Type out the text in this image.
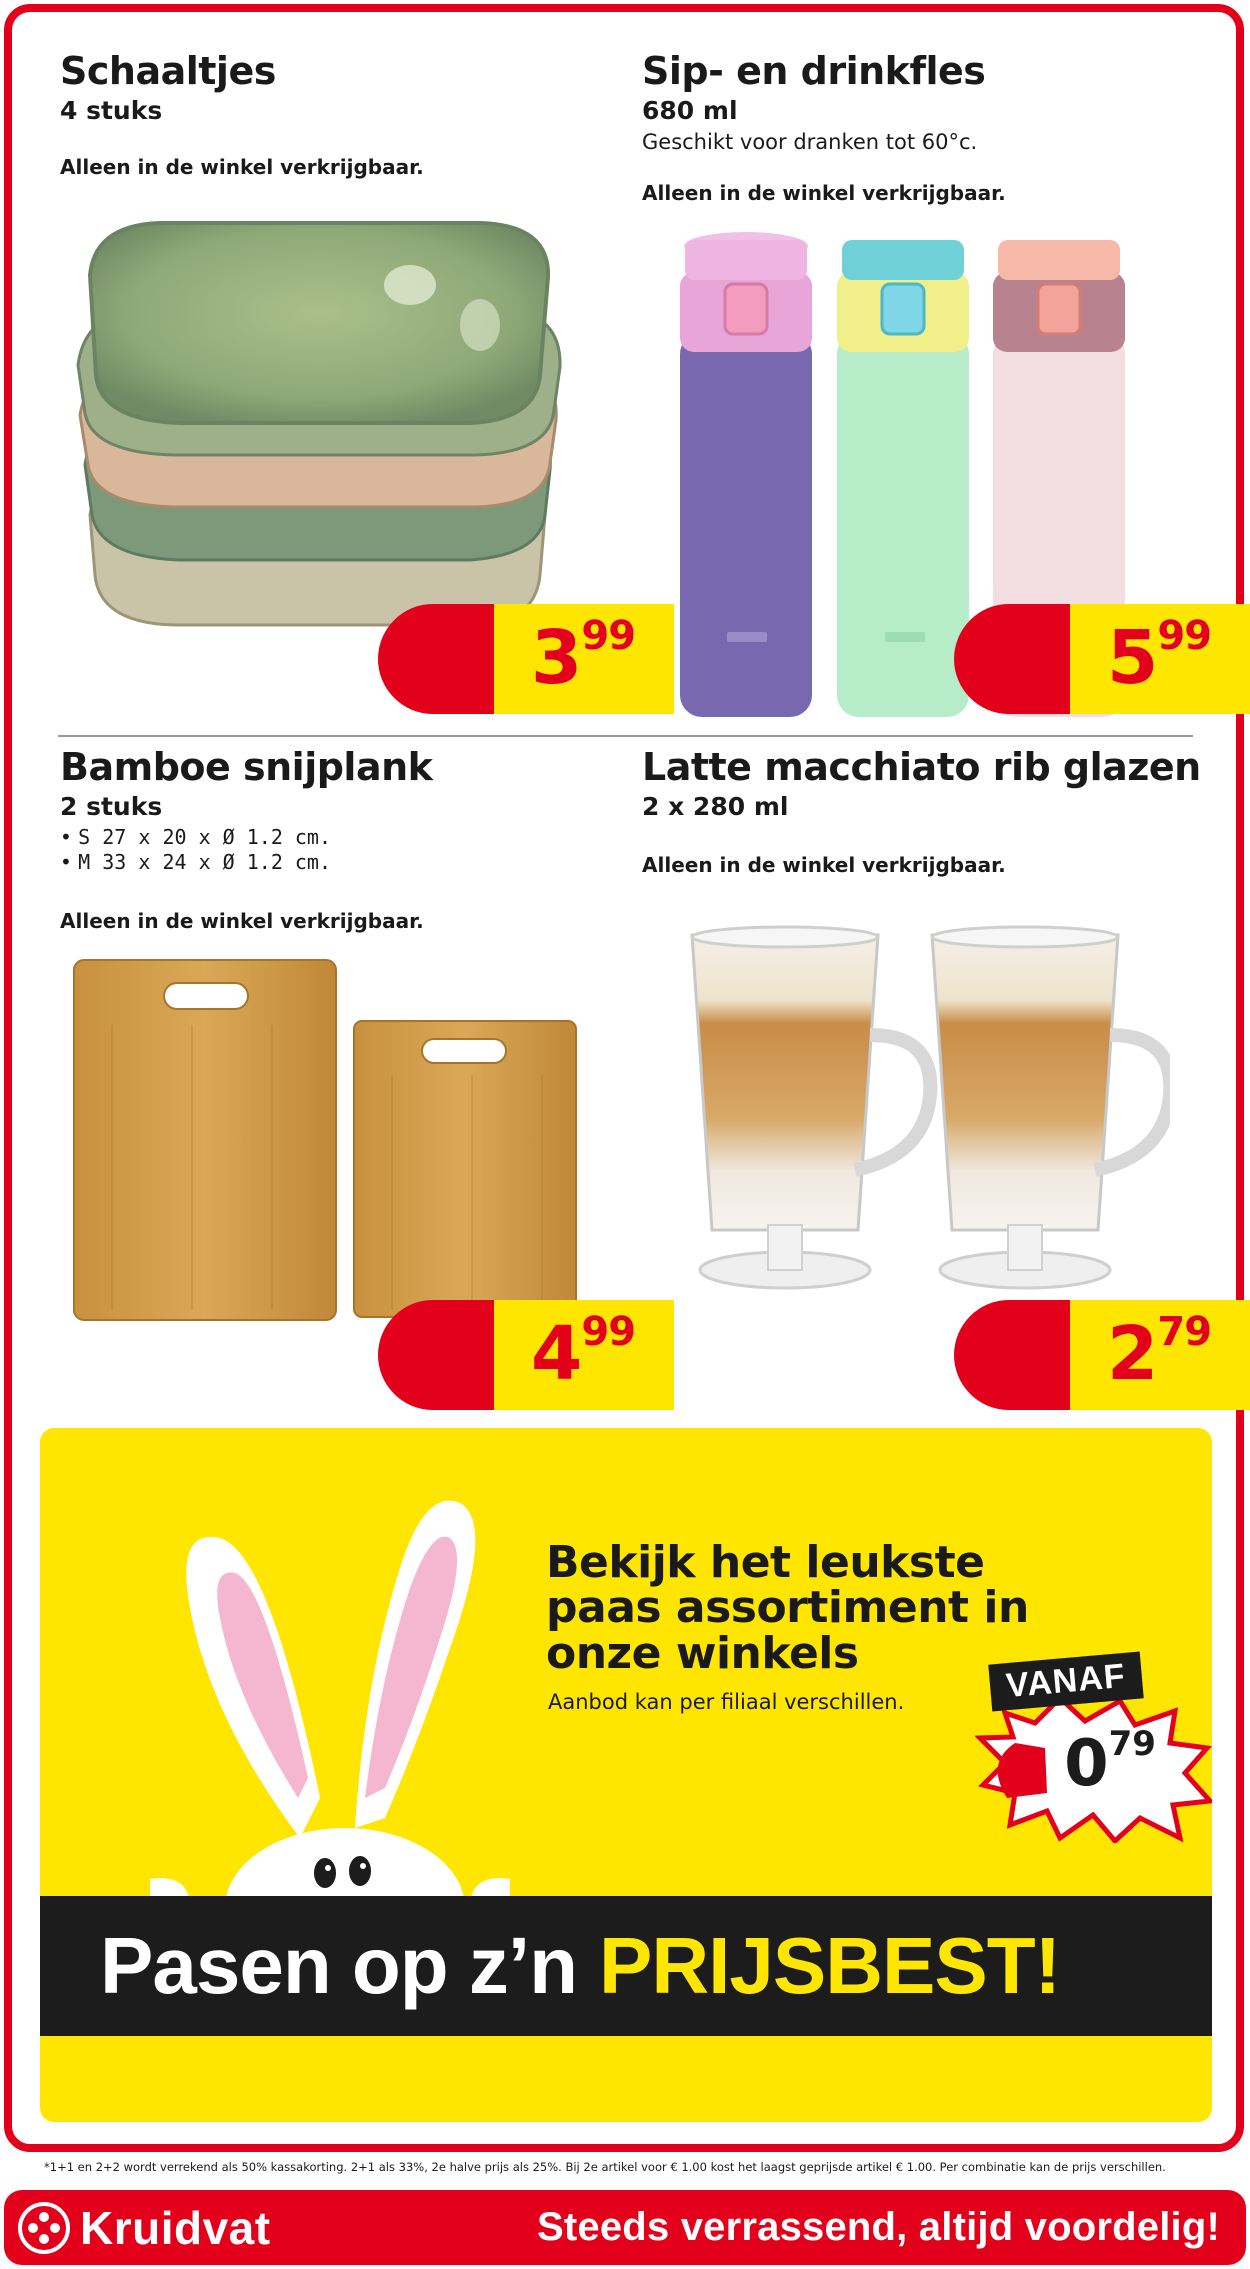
Schaaltjes
4 stuks
Alleen in de winkel verkrijgbaar.
3 99
Sip- en drinkfles
680 ml
Geschikt voor dranken tot 60°c.
Alleen in de winkel verkrijgbaar.
5 99
Bamboe snijplank
2 stuks
• S 27 x 20 x Ø 1.2 cm.
• M 33 x 24 x Ø 1.2 cm.
Alleen in de winkel verkrijgbaar.
4 99
Latte macchiato rib glazen
2 x 280 ml
Alleen in de winkel verkrijgbaar.
2 79
Bekijk het leukste
paas assortiment in
onze winkels
Aanbod kan per filiaal verschillen.	VANAF
0 79
Pasen op z’n PRIJSBEST!
*1+1 en 2+2 wordt verrekend als 50% kassakorting. 2+1 als 33%, 2e halve prijs als 25%. Bij 2e artikel voor € 1.00 kost het laagst geprijsde artikel € 1.00. Per combinatie kan de prijs verschillen.
Kruidvat	Steeds verrassend, altijd voordelig!
